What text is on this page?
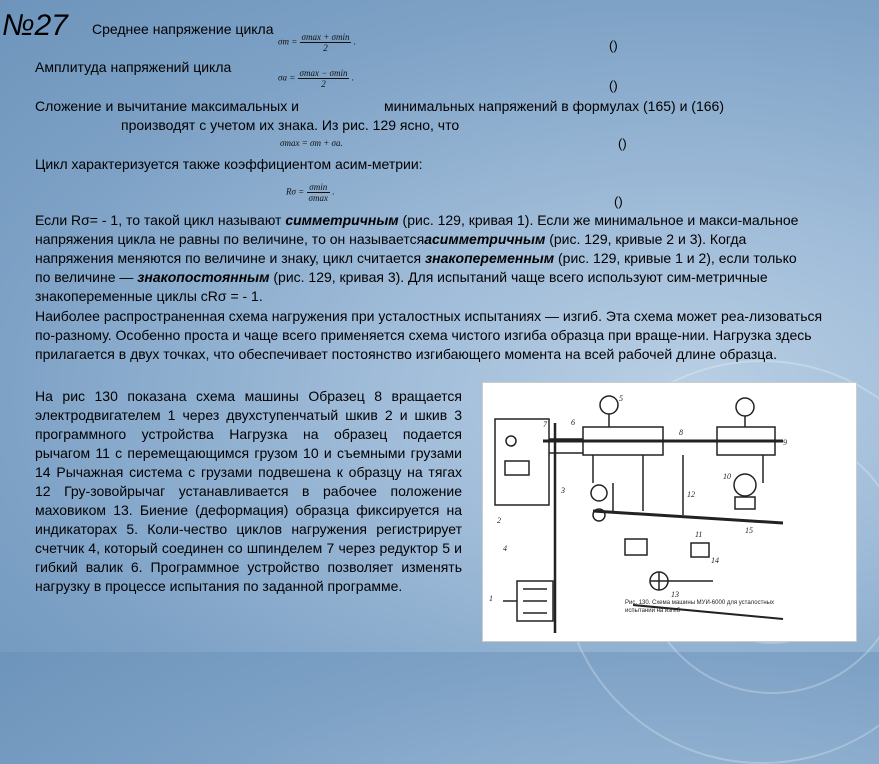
№27 Среднее напряжение цикла
$\sigma m = \frac{\sigma\max + \sigma\min}{2}$ .	()
Амплитуда напряжений цикла
$\sigma a = \frac{\sigma\max - \sigma\min}{2}$ .
()
Сложение и вычитание максимальных и	минимальных напряжений в формулах (165) и (166)
производят с учетом их знака. Из рис. 129 ясно, что
σmax = σm + σa.	()
Цикл характеризуется также коэффициентом асим-метрии:
$R\sigma = \frac{\sigma\min}{\sigma\max}$ .
()
Если Rσ= - 1, то такой цикл называют симметричным (рис. 129, кривая 1). Если же минимальное и макси-мальное напряжения цикла не равны по величине, то он называетсяасимметричным (рис. 129, кривые 2 и 3). Когда напряжения меняются по величине и знаку, цикл считается знакопеременным (рис. 129, кривые 1 и 2), если только по величине — знакопостоянным (рис. 129, кривая 3). Для испытаний чаще всего используют сим-метричные знакопеременные циклы сRσ = - 1.
Наиболее распространенная схема нагружения при усталостных испытаниях — изгиб. Эта схема может реа-лизоваться по-разному. Особенно проста и чаще всего применяется схема чистого изгиба образца при враще-нии. Нагрузка здесь прилагается в двух точках, что обеспечивает постоянство изгибающего момента на всей рабочей длине образца.
На рис 130 показана схема машины Образец 8 вращается электродвигателем 1 через двухступенчатый шкив 2 и шкив 3 программного устройства Нагрузка на образец подается рычагом 11 с перемещающимся грузом 10 и съемными грузами 14 Рычажная система с грузами подвешена к образцу на тягах 12 Гру-зовойрычаг устанавливается в рабочее положение маховиком 13. Биение (деформация) образца фиксируется на индикаторах 5. Коли-чество циклов нагружения регистрирует счетчик 4, который соединен со шпинделем 7 через редуктор 5 и гибкий валик 6. Программное устройство позволяет изменять нагрузку в процессе испытания по заданной программе.
1
2
3
4
5
6
7
8
9
10
11
12
13
14
15
Рис. 130. Схема машины МУИ-6000 для усталостных испытаний на изгиб
